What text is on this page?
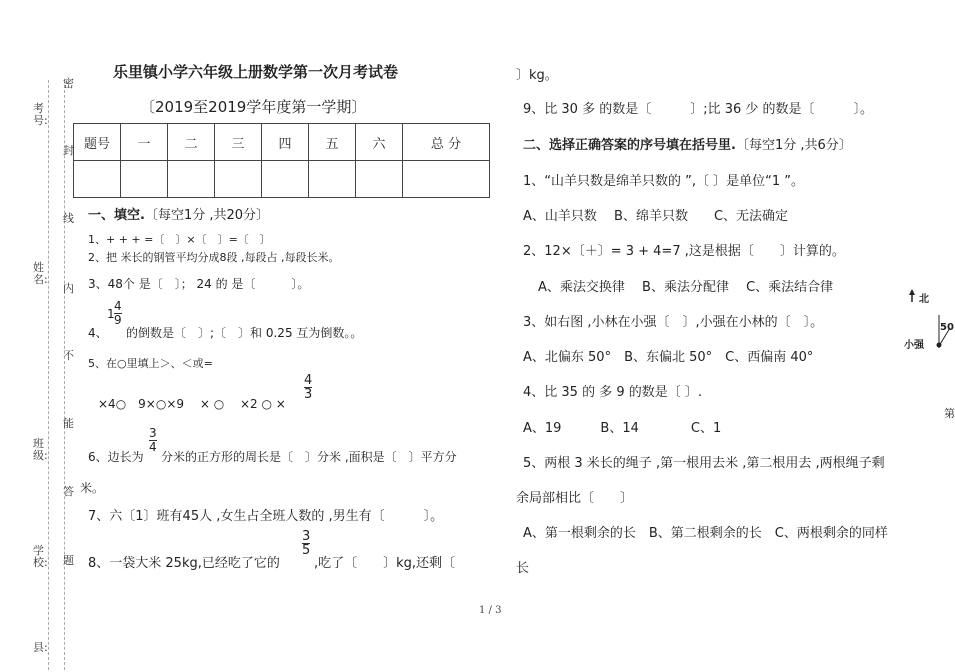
考号:
姓名:
班级:
学校:
县:
密
封
线
内
不
能
答
题
乐里镇小学六年级上册数学第一次月考试卷
〔2019至2019学年度第一学期〕
题号	一	二	三	四	五	六	总 分

一、填空.〔每空1分 ,共20分〕
1、+ + + =〔　〕×〔　〕=〔　〕
2、把 米长的钢管平均分成8段 ,每段占 ,每段长米。
3、48个 是〔　〕； 24 的 是〔　　　〕。
4、
$1 \frac{4}{9}$
的倒数是〔　〕;〔　〕和 0.25 互为倒数。。
5、在○里填上＞、＜或=
×4○　9×○×9　 × ○　 ×2 ○ ×
$\frac{4}{3}$
6、边长为
$\frac{3}{4}$
分米的正方形的周长是〔　〕分米 ,面积是〔　〕平方分
米。
7、六〔1〕班有45人 ,女生占全班人数的 ,男生有〔　　　〕。
8、一袋大米 25kg,已经吃了它的
$\frac{3}{5}$
,吃了〔　　〕kg,还剩〔
〕kg。
9、比 30 多 的数是〔　　　〕;比 36 少 的数是〔　　　〕。
二、选择正确答案的序号填在括号里.〔每空1分 ,共6分〕
1、“山羊只数是绵羊只数的 ”,〔 〕是单位“1 ”。
A、山羊只数　 B、绵羊只数　　C、无法确定
2、12×〔＋〕= 3 + 4=7 ,这是根据〔　　〕计算的。
A、乘法交换律　 B、乘法分配律　 C、乘法结合律
3、如右图 ,小林在小强〔　〕,小强在小林的〔　〕。
A、北偏东 50°　B、东偏北 50°　C、西偏南 40°
4、比 35 的 多 9 的数是〔 〕.
A、19　　　B、14　　　　C、1
5、两根 3 米长的绳子 ,第一根用去米 ,第二根用去 ,两根绳子剩
余局部相比〔　　〕
A、第一根剩余的长　B、第二根剩余的长　C、两根剩余的同样
长
北
50
小强
第
1 / 3
